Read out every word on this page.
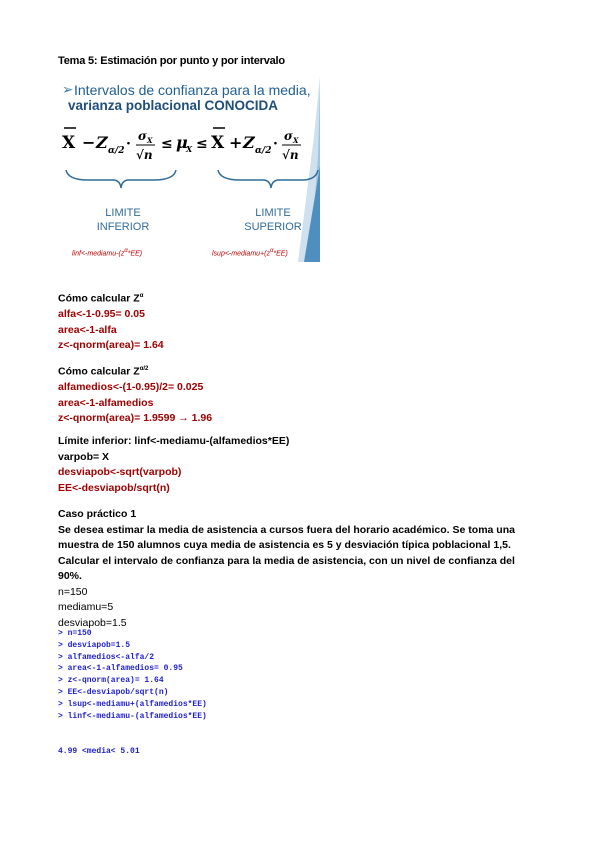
Tema 5: Estimación por punto y por intervalo
➢ Intervalos de confianza para la media,
varianza poblacional CONOCIDA
X − Z α/2 · σ X
√n
≤ μ
X ≤ X + Z α/2 · σ X
√n
LIMITE
INFERIOR
LIMITE
SUPERIOR
$linf<-mediamu-(z^\alpha*EE)$	$lsup<-mediamu+(z^\alpha*EE)$
Cómo calcular $Z^\alpha$
alfa<-1-0.95= 0.05
area<-1-alfa
z<-qnorm(area)= 1.64
Cómo calcular $Z^{\alpha/2}$
alfamedios<-(1-0.95)/2= 0.025
area<-1-alfamedios
z<-qnorm(area)= 1.9599 → 1.96
Límite inferior: linf<-mediamu-(alfamedios*EE)
varpob= X
desviapob<-sqrt(varpob)
EE<-desviapob/sqrt(n)
Caso práctico 1
Se desea estimar la media de asistencia a cursos fuera del horario académico. Se toma una
muestra de 150 alumnos cuya media de asistencia es 5 y desviación típica poblacional 1,5.
Calcular el intervalo de confianza para la media de asistencia, con un nivel de confianza del
90%.
n=150
mediamu=5
desviapob=1.5
> n=150
> desviapob=1.5
> alfamedios<-alfa/2
> area<-1-alfamedios= 0.95
> z<-qnorm(area)= 1.64
> EE<-desviapob/sqrt(n)
> lsup<-mediamu+(alfamedios*EE)
> linf<-mediamu-(alfamedios*EE)
4.99 <media< 5.01
